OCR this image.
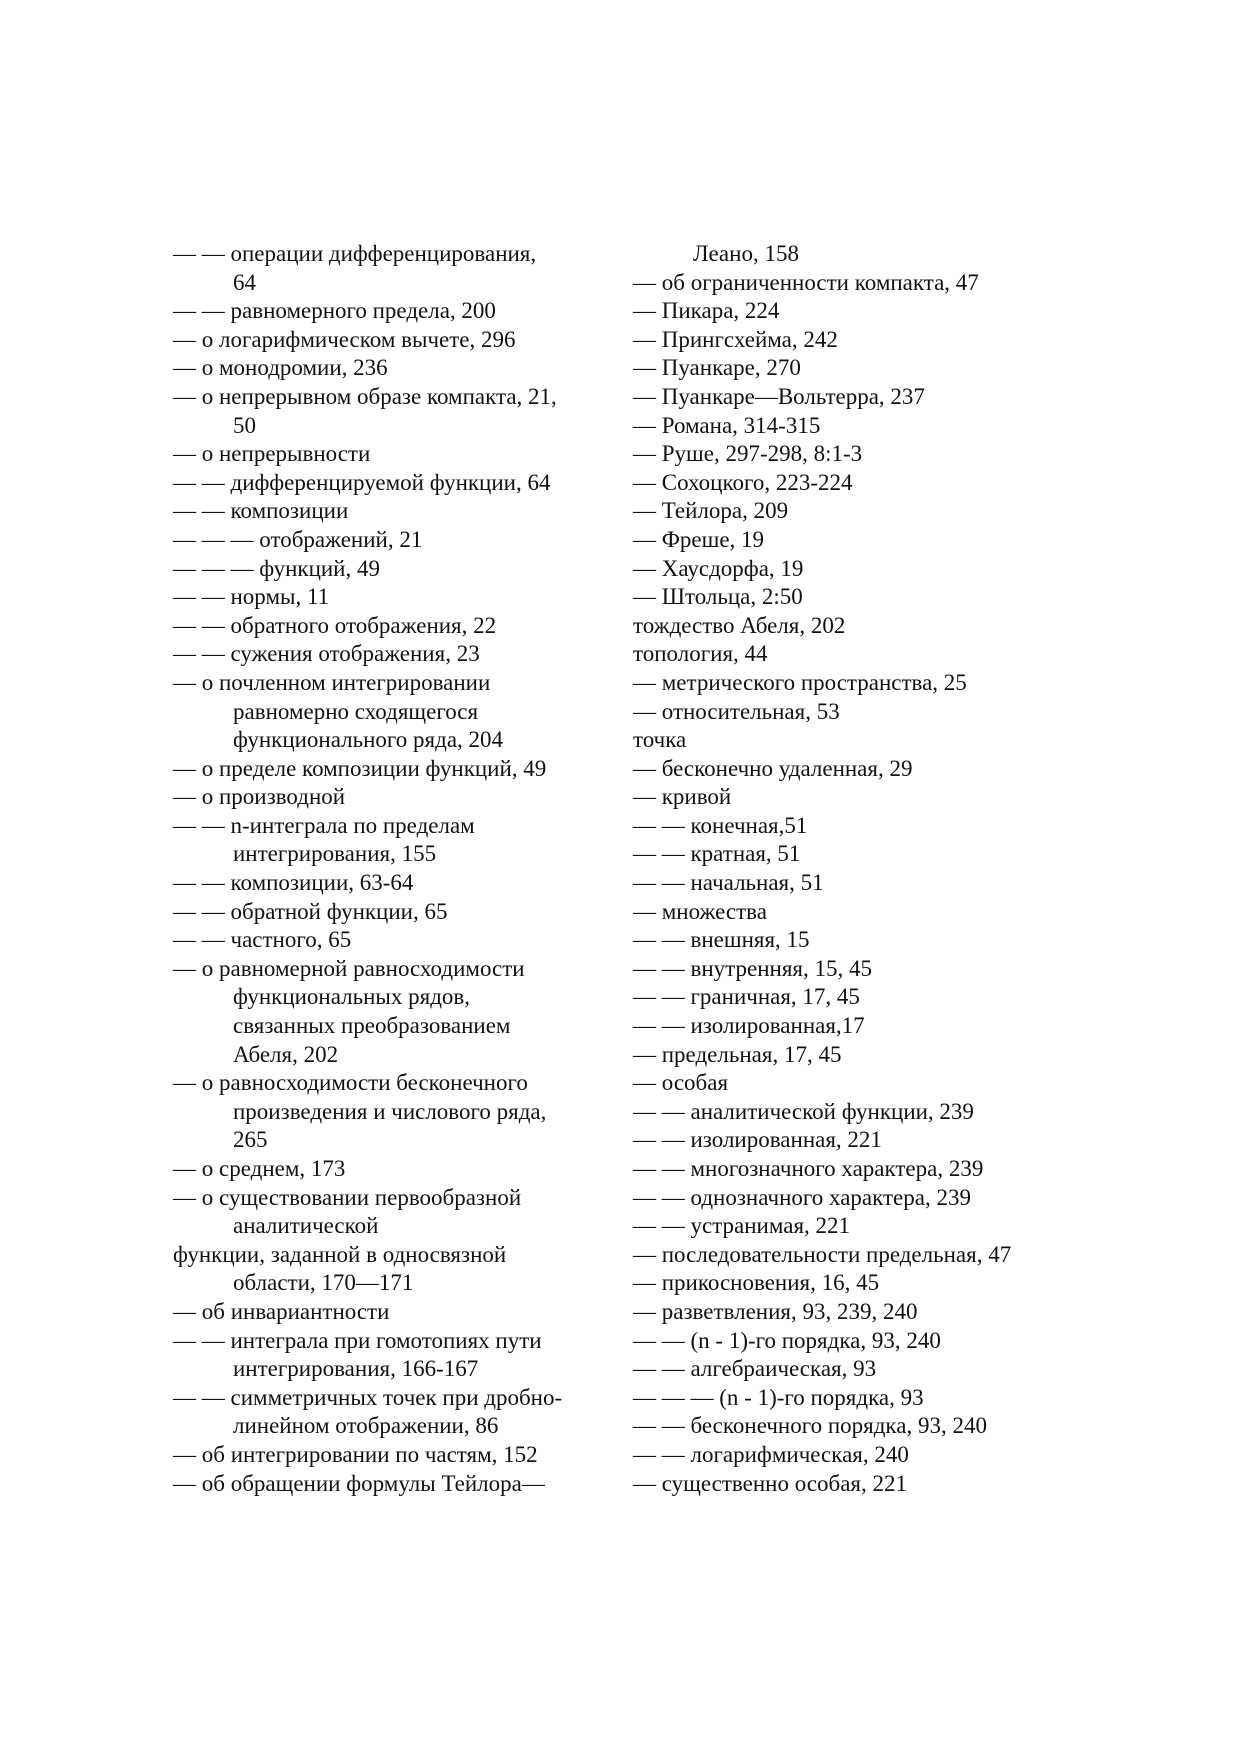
— — операции дифференцирования,
64
— — равномерного предела, 200
— о логарифмическом вычете, 296
— о монодромии, 236
— о непрерывном образе компакта, 21,
50
— о непрерывности
— — дифференцируемой функции, 64
— — композиции
— — — отображений, 21
— — — функций, 49
— — нормы, 11
— — обратного отображения, 22
— — сужения отображения, 23
— о почленном интегрировании
равномерно сходящегося
функционального ряда, 204
— о пределе композиции функций, 49
— о производной
— — n-интеграла по пределам
интегрирования, 155
— — композиции, 63-64
— — обратной функции, 65
— — частного, 65
— о равномерной равносходимости
функциональных рядов,
связанных преобразованием
Абеля, 202
— о равносходимости бесконечного
произведения и числового ряда,
265
— о среднем, 173
— о существовании первообразной
аналитической
функции, заданной в односвязной
области, 170—171
— об инвариантности
— — интеграла при гомотопиях пути
интегрирования, 166-167
— — симметричных точек при дробно-
линейном отображении, 86
— об интегрировании по частям, 152
— об обращении формулы Тейлора—
Леано, 158
— об ограниченности компакта, 47
— Пикара, 224
— Прингсхейма, 242
— Пуанкаре, 270
— Пуанкаре—Вольтерра, 237
— Романа, 314-315
— Руше, 297-298, 8:1-3
— Сохоцкого, 223-224
— Тейлора, 209
— Фреше, 19
— Хаусдорфа, 19
— Штольца, 2:50
тождество Абеля, 202
топология, 44
— метрического пространства, 25
— относительная, 53
точка
— бесконечно удаленная, 29
— кривой
— — конечная,51
— — кратная, 51
— — начальная, 51
— множества
— — внешняя, 15
— — внутренняя, 15, 45
— — граничная, 17, 45
— — изолированная,17
— предельная, 17, 45
— особая
— — аналитической функции, 239
— — изолированная, 221
— — многозначного характера, 239
— — однозначного характера, 239
— — устранимая, 221
— последовательности предельная, 47
— прикосновения, 16, 45
— разветвления, 93, 239, 240
— — (n - 1)-го порядка, 93, 240
— — алгебраическая, 93
— — — (n - 1)-го порядка, 93
— — бесконечного порядка, 93, 240
— — логарифмическая, 240
— существенно особая, 221
